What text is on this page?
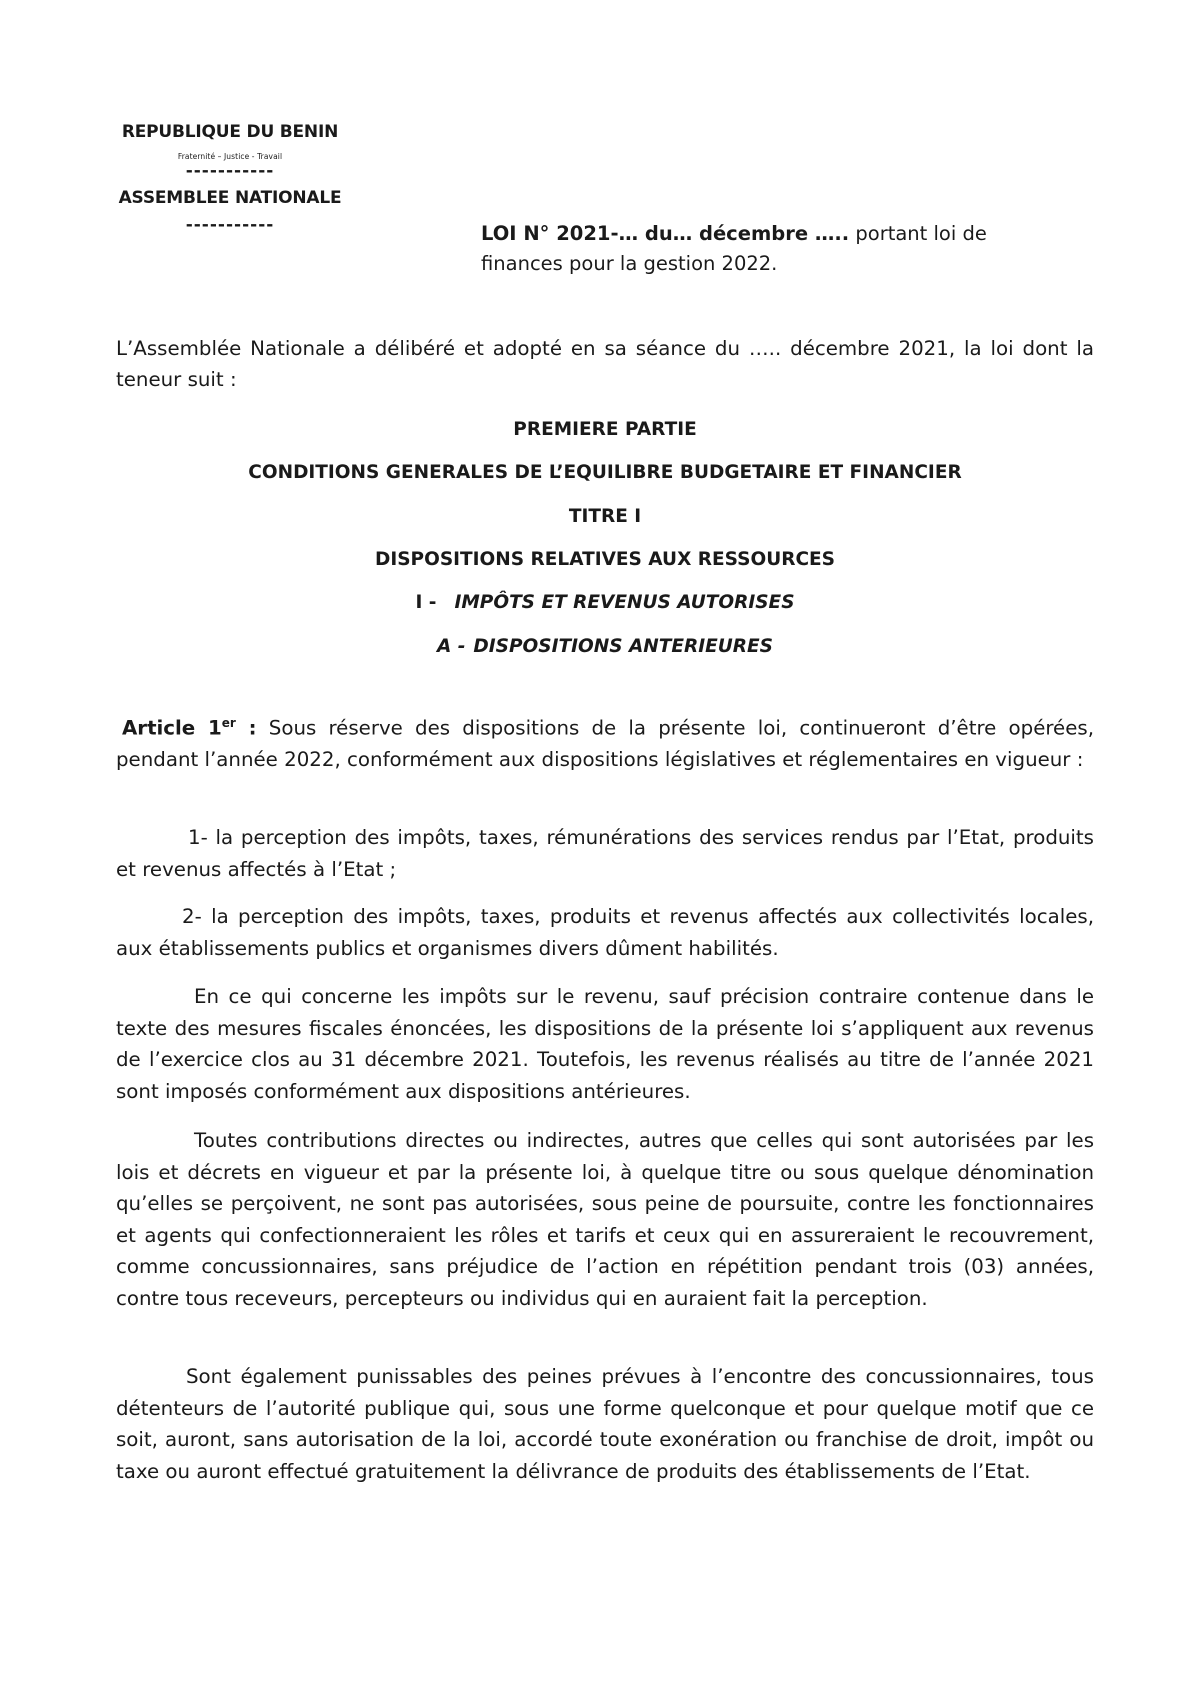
REPUBLIQUE DU BENIN
Fraternité – Justice - Travail
-----------
ASSEMBLEE NATIONALE
-----------	LOI N° 2021-… du… décembre ….. portant loi de finances pour la gestion 2022.
L’Assemblée Nationale a délibéré et adopté en sa séance du ….. décembre 2021, la loi dont la teneur suit :
PREMIERE PARTIE
CONDITIONS GENERALES DE L’EQUILIBRE BUDGETAIRE ET FINANCIER
TITRE I
DISPOSITIONS RELATIVES AUX RESSOURCES
I - IMPÔTS ET REVENUS AUTORISES
A - DISPOSITIONS ANTERIEURES
Article 1er : Sous réserve des dispositions de la présente loi, continueront d’être opérées, pendant l’année 2022, conformément aux dispositions législatives et réglementaires en vigueur :
1- la perception des impôts, taxes, rémunérations des services rendus par l’Etat, produits et revenus affectés à l’Etat ;
2- la perception des impôts, taxes, produits et revenus affectés aux collectivités locales, aux établissements publics et organismes divers dûment habilités.
En ce qui concerne les impôts sur le revenu, sauf précision contraire contenue dans le texte des mesures fiscales énoncées, les dispositions de la présente loi s’appliquent aux revenus de l’exercice clos au 31 décembre 2021. Toutefois, les revenus réalisés au titre de l’année 2021 sont imposés conformément aux dispositions antérieures.
Toutes contributions directes ou indirectes, autres que celles qui sont autorisées par les lois et décrets en vigueur et par la présente loi, à quelque titre ou sous quelque dénomination qu’elles se perçoivent, ne sont pas autorisées, sous peine de poursuite, contre les fonctionnaires et agents qui confectionneraient les rôles et tarifs et ceux qui en assureraient le recouvrement, comme concussionnaires, sans préjudice de l’action en répétition pendant trois (03) années, contre tous receveurs, percepteurs ou individus qui en auraient fait la perception.
Sont également punissables des peines prévues à l’encontre des concussionnaires, tous détenteurs de l’autorité publique qui, sous une forme quelconque et pour quelque motif que ce soit, auront, sans autorisation de la loi, accordé toute exonération ou franchise de droit, impôt ou taxe ou auront effectué gratuitement la délivrance de produits des établissements de l’Etat.
